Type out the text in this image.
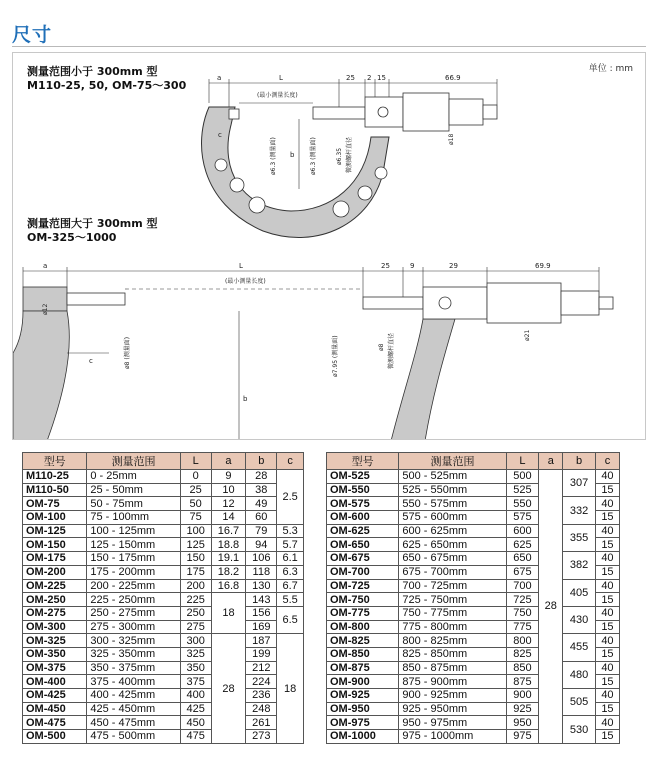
尺寸
单位 : mm
测量范围小于 300mm 型
M110-25, 50, OM-75～300
测量范围大于 300mm 型
OM-325～1000
a	L	25 2 15	66.9
(最小测量长度)
c
b
ø6.3 (测量面)	ø6.3 (测量面)	ø6.35 微测螺杆直径	ø18
a	L	25	9	29	69.9
(最小测量长度)
ø12
c
b
ø8 (测量面)	ø7.95 (测量面)	ø8 微测螺杆直径	ø21
型号	测量范围	L	a	b	c
M110-25	0 - 25mm	0	9	28	2.5
M110-50	25 - 50mm	25	10	38	
OM-75	50 - 75mm	50	12	49	
OM-100	75 - 100mm	75	14	60	
OM-125	100 - 125mm	100	16.7	79	5.3
OM-150	125 - 150mm	125	18.8	94	5.7
OM-175	150 - 175mm	150	19.1	106	6.1
OM-200	175 - 200mm	175	18.2	118	6.3
OM-225	200 - 225mm	200	16.8	130	6.7
OM-250	225 - 250mm	225	18	143	5.5
OM-275	250 - 275mm	250		156	6.5
OM-300	275 - 300mm	275		169	
OM-325	300 - 325mm	300	28	187	18
OM-350	325 - 350mm	325		199	
OM-375	350 - 375mm	350		212	
OM-400	375 - 400mm	375		224	
OM-425	400 - 425mm	400		236	
OM-450	425 - 450mm	425		248	
OM-475	450 - 475mm	450		261	
OM-500	475 - 500mm	475		273	
型号	测量范围	L	a	b	c
OM-525	500 - 525mm	500	28	307	40
OM-550	525 - 550mm	525			15
OM-575	550 - 575mm	550		332	40
OM-600	575 - 600mm	575			15
OM-625	600 - 625mm	600		355	40
OM-650	625 - 650mm	625			15
OM-675	650 - 675mm	650		382	40
OM-700	675 - 700mm	675			15
OM-725	700 - 725mm	700		405	40
OM-750	725 - 750mm	725			15
OM-775	750 - 775mm	750		430	40
OM-800	775 - 800mm	775			15
OM-825	800 - 825mm	800		455	40
OM-850	825 - 850mm	825			15
OM-875	850 - 875mm	850		480	40
OM-900	875 - 900mm	875			15
OM-925	900 - 925mm	900		505	40
OM-950	925 - 950mm	925			15
OM-975	950 - 975mm	950		530	40
OM-1000	975 - 1000mm	975			15
